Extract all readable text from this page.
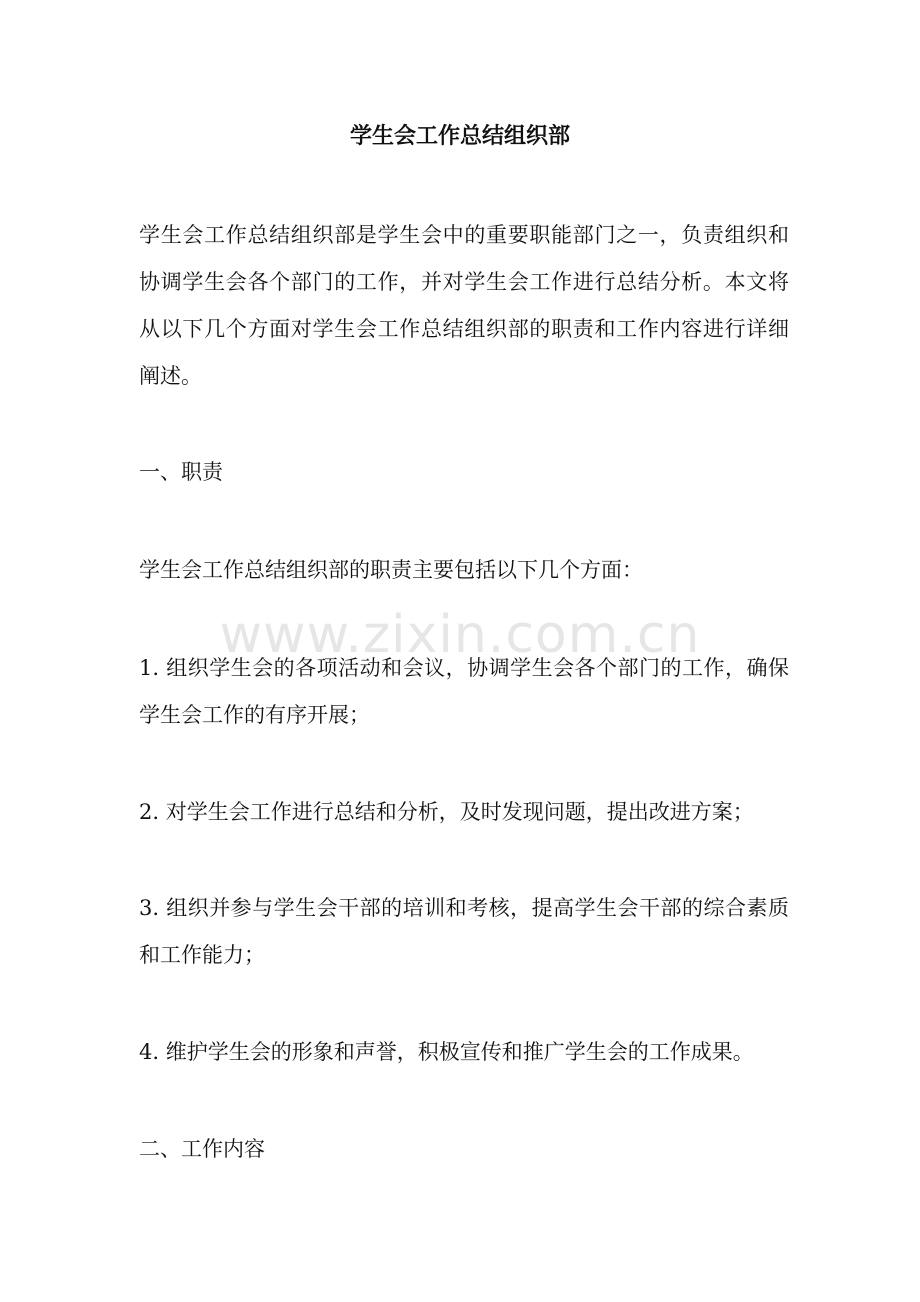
学生会工作总结组织部

学生会工作总结组织部是学生会中的重要职能部门之一，负责组织和协调学生会各个部门的工作，并对学生会工作进行总结分析。本文将从以下几个方面对学生会工作总结组织部的职责和工作内容进行详细阐述。

一、职责

学生会工作总结组织部的职责主要包括以下几个方面：

1. 组织学生会的各项活动和会议，协调学生会各个部门的工作，确保学生会工作的有序开展；

2. 对学生会工作进行总结和分析，及时发现问题，提出改进方案；

3. 组织并参与学生会干部的培训和考核，提高学生会干部的综合素质和工作能力；

4. 维护学生会的形象和声誉，积极宣传和推广学生会的工作成果。

二、工作内容

www.zixin.com.cn
